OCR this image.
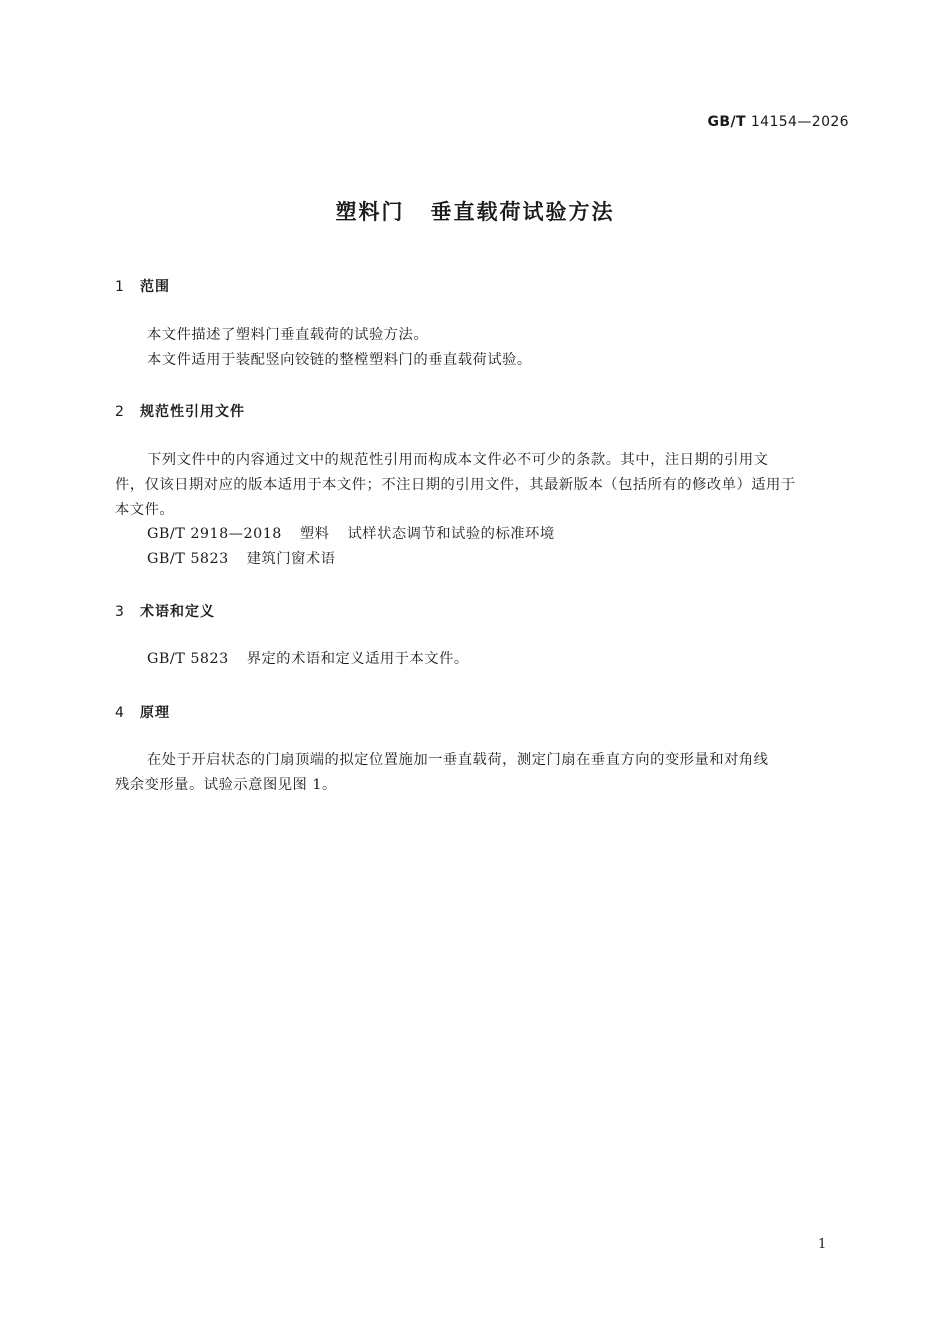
GB/T 14154—2026
塑料门 垂直载荷试验方法
1 范围
本文件描述了塑料门垂直载荷的试验方法。
本文件适用于装配竖向铰链的整樘塑料门的垂直载荷试验。
2 规范性引用文件
下列文件中的内容通过文中的规范性引用而构成本文件必不可少的条款。其中，注日期的引用文
件，仅该日期对应的版本适用于本文件；不注日期的引用文件，其最新版本（包括所有的修改单）适用于
本文件。
GB/T 2918—2018 塑料 试样状态调节和试验的标准环境
GB/T 5823 建筑门窗术语
3 术语和定义
GB/T 5823 界定的术语和定义适用于本文件。
4 原理
在处于开启状态的门扇顶端的拟定位置施加一垂直载荷，测定门扇在垂直方向的变形量和对角线
残余变形量。试验示意图见图 1。
1
